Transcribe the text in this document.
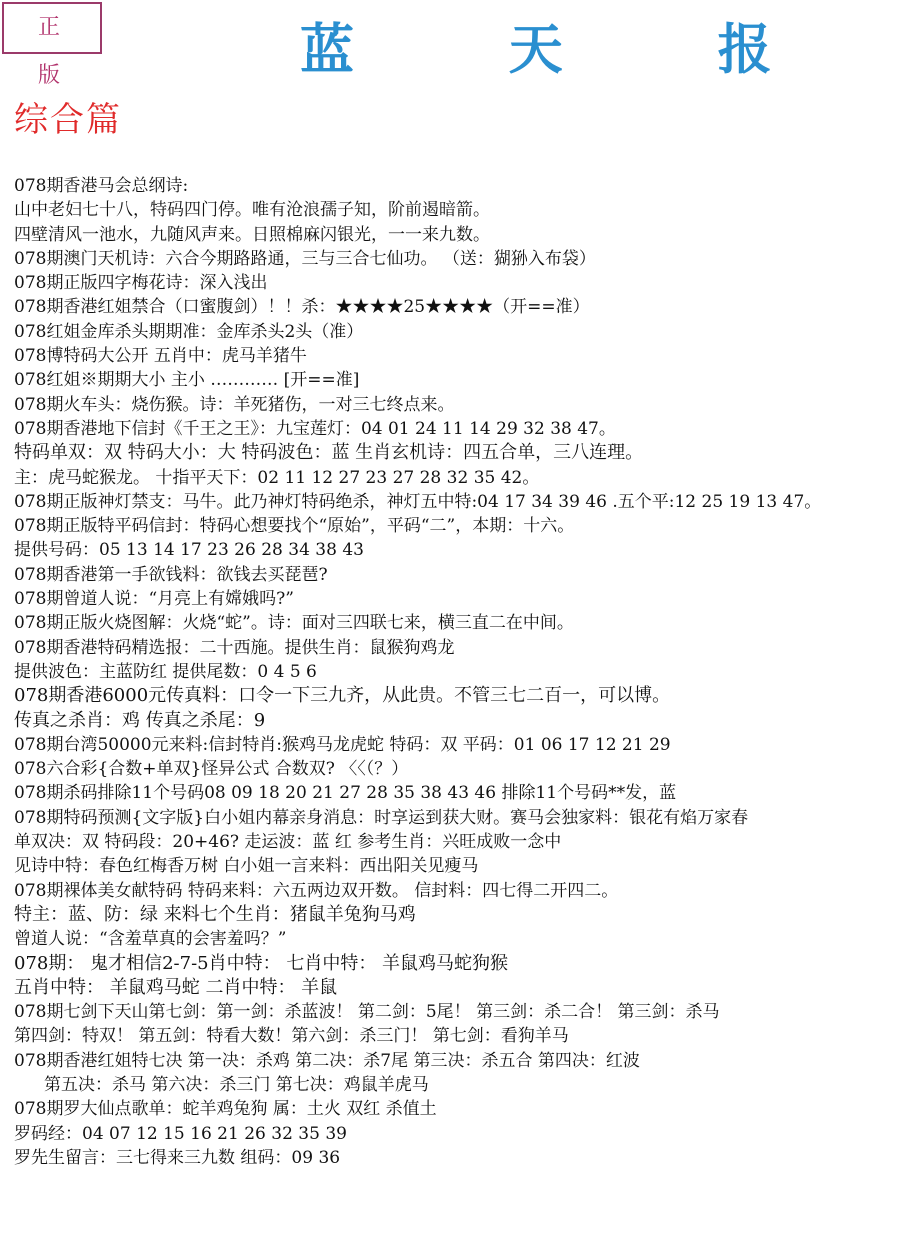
正 版	蓝 天 报
综合篇
078期香港马会总纲诗:
山中老妇七十八，特码四门停。唯有沧浪孺子知，阶前遏暗箭。
四壁清风一池水，九随风声来。日照棉麻闪银光，一一来九数。
078期澳门天机诗：六合今期路路通，三与三合七仙功。 （送：猢狲入布袋）
078期正版四字梅花诗：深入浅出
078期香港红姐禁合（口蜜腹剑）！！杀：★★★★25★★★★（开==准）
078红姐金库杀头期期准：金库杀头2头（准）
078博特码大公开 五肖中：虎马羊猪牛
078红姐※期期大小 主小 ………… [开==准]
078期火车头：烧伤猴。诗：羊死猪伤，一对三七终点来。
078期香港地下信封《千王之王》：九宝莲灯：04 01 24 11 14 29 32 38 47。
特码单双：双 特码大小：大 特码波色：蓝 生肖玄机诗：四五合单，三八连理。
主：虎马蛇猴龙。 十指平天下：02 11 12 27 23 27 28 32 35 42。
078期正版神灯禁支：马牛。此乃神灯特码绝杀，神灯五中特:04 17 34 39 46 .五个平:12 25 19 13 47。
078期正版特平码信封：特码心想要找个“原始”，平码“二”，本期：十六。
提供号码：05 13 14 17 23 26 28 34 38 43
078期香港第一手欲钱料：欲钱去买琵琶?
078期曾道人说：“月亮上有嫦娥吗?”
078期正版火烧图解：火烧“蛇”。诗：面对三四联七来，横三直二在中间。
078期香港特码精选报：二十西施。提供生肖：鼠猴狗鸡龙
提供波色：主蓝防红 提供尾数：0 4 5 6
078期香港6000元传真料：口令一下三九齐，从此贵。不管三七二百一，可以博。
传真之杀肖：鸡 传真之杀尾：9
078期台湾50000元来料:信封特肖:猴鸡马龙虎蛇 特码：双 平码：01 06 17 12 21 29
078六合彩{合数+单双}怪异公式 合数双? 〈〈（？）
078期杀码排除11个号码08 09 18 20 21 27 28 35 38 43 46 排除11个号码**发，蓝
078期特码预测{文字版}白小姐内幕亲身消息：时享运到获大财。赛马会独家料：银花有焰万家春
单双决：双 特码段：20+46? 走运波：蓝 红 参考生肖：兴旺成败一念中
见诗中特：春色红梅香万树 白小姐一言来料：西出阳关见瘦马
078期裸体美女献特码 特码来料：六五两边双开数。 信封料：四七得二开四二。
特主：蓝、防：绿 来料七个生肖：猪鼠羊兔狗马鸡
曾道人说：“含羞草真的会害羞吗？”
078期： 鬼才相信2-7-5肖中特： 七肖中特： 羊鼠鸡马蛇狗猴
五肖中特： 羊鼠鸡马蛇 二肖中特： 羊鼠
078期七剑下天山第七剑：第一剑：杀蓝波！ 第二剑：5尾！ 第三剑：杀二合！ 第三剑：杀马
第四剑：特双！ 第五剑：特看大数！第六剑：杀三门！ 第七剑：看狗羊马
078期香港红姐特七决 第一决：杀鸡 第二决：杀7尾 第三决：杀五合 第四决：红波
第五决：杀马 第六决：杀三门 第七决：鸡鼠羊虎马
078期罗大仙点歌单：蛇羊鸡兔狗 属：土火 双红 杀值土
罗码经：04 07 12 15 16 21 26 32 35 39
罗先生留言：三七得来三九数 组码：09 36
